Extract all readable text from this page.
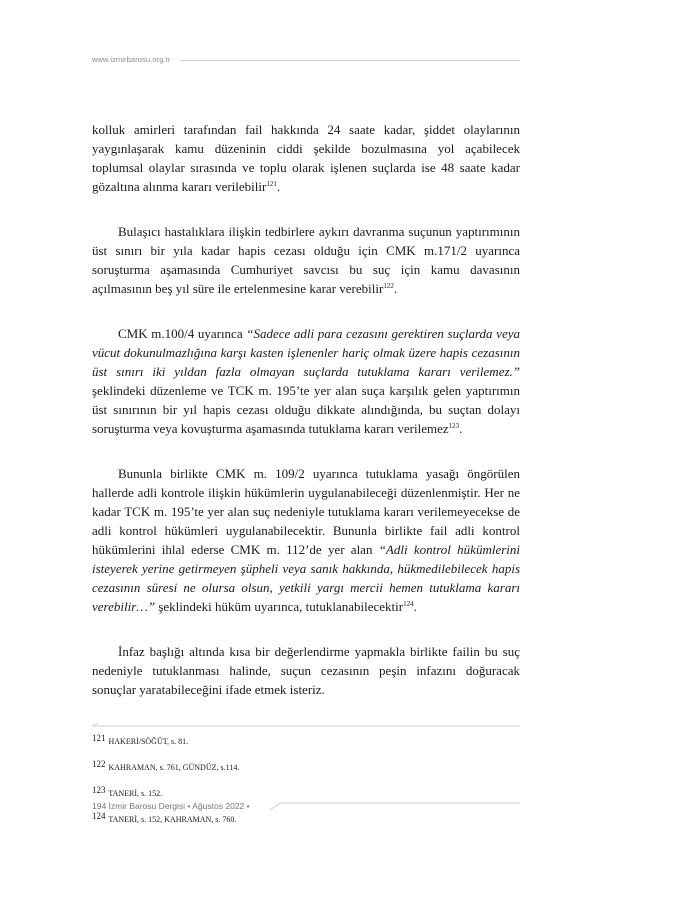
www.izmirbarosu.org.tr

kolluk amirleri tarafından fail hakkında 24 saate kadar, şiddet olaylarının yaygınlaşarak kamu düzeninin ciddi şekilde bozulmasına yol açabilecek toplumsal olaylar sırasında ve toplu olarak işlenen suçlarda ise 48 saate kadar gözaltına alınma kararı verilebilir$^{121}$.

Bulaşıcı hastalıklara ilişkin tedbirlere aykırı davranma suçunun yaptırımının üst sınırı bir yıla kadar hapis cezası olduğu için CMK m.171/2 uyarınca soruşturma aşamasında Cumhuriyet savcısı bu suç için kamu davasının açılmasının beş yıl süre ile ertelenmesine karar verebilir$^{122}$.

CMK m.100/4 uyarınca “Sadece adli para cezasını gerektiren suçlarda veya vücut dokunulmazlığına karşı kasten işlenenler hariç olmak üzere hapis cezasının üst sınırı iki yıldan fazla olmayan suçlarda tutuklama kararı verilemez.” şeklindeki düzenleme ve TCK m. 195’te yer alan suça karşılık gelen yaptırımın üst sınırının bir yıl hapis cezası olduğu dikkate alındığında, bu suçtan dolayı soruşturma veya kovuşturma aşamasında tutuklama kararı verilemez$^{123}$.

Bununla birlikte CMK m. 109/2 uyarınca tutuklama yasağı öngörülen hallerde adli kontrole ilişkin hükümlerin uygulanabileceği düzenlenmiştir. Her ne kadar TCK m. 195’te yer alan suç nedeniyle tutuklama kararı verilemeyecekse de adli kontrol hükümleri uygulanabilecektir. Bununla birlikte fail adli kontrol hükümlerini ihlal ederse CMK m. 112’de yer alan “Adli kontrol hükümlerini isteyerek yerine getirmeyen şüpheli veya sanık hakkında, hükmedilebilecek hapis cezasının süresi ne olursa olsun, yetkili yargı mercii hemen tutuklama kararı verebilir…” şeklindeki hüküm uyarınca, tutuklanabilecektir$^{124}$.

İnfaz başlığı altında kısa bir değerlendirme yapmakla birlikte failin bu suç nedeniyle tutuklanması halinde, suçun cezasının peşin infazını doğuracak sonuçlar yaratabileceğini ifade etmek isteriz.

121 HAKERİ/SÖĞÜT, s. 81.
122 KAHRAMAN, s. 761, GÜNDÜZ, s.114.
123 TANERİ, s. 152.
124 TANERİ, s. 152, KAHRAMAN, s. 760.
194 İzmir Barosu Dergisi • Ağustos 2022 •
